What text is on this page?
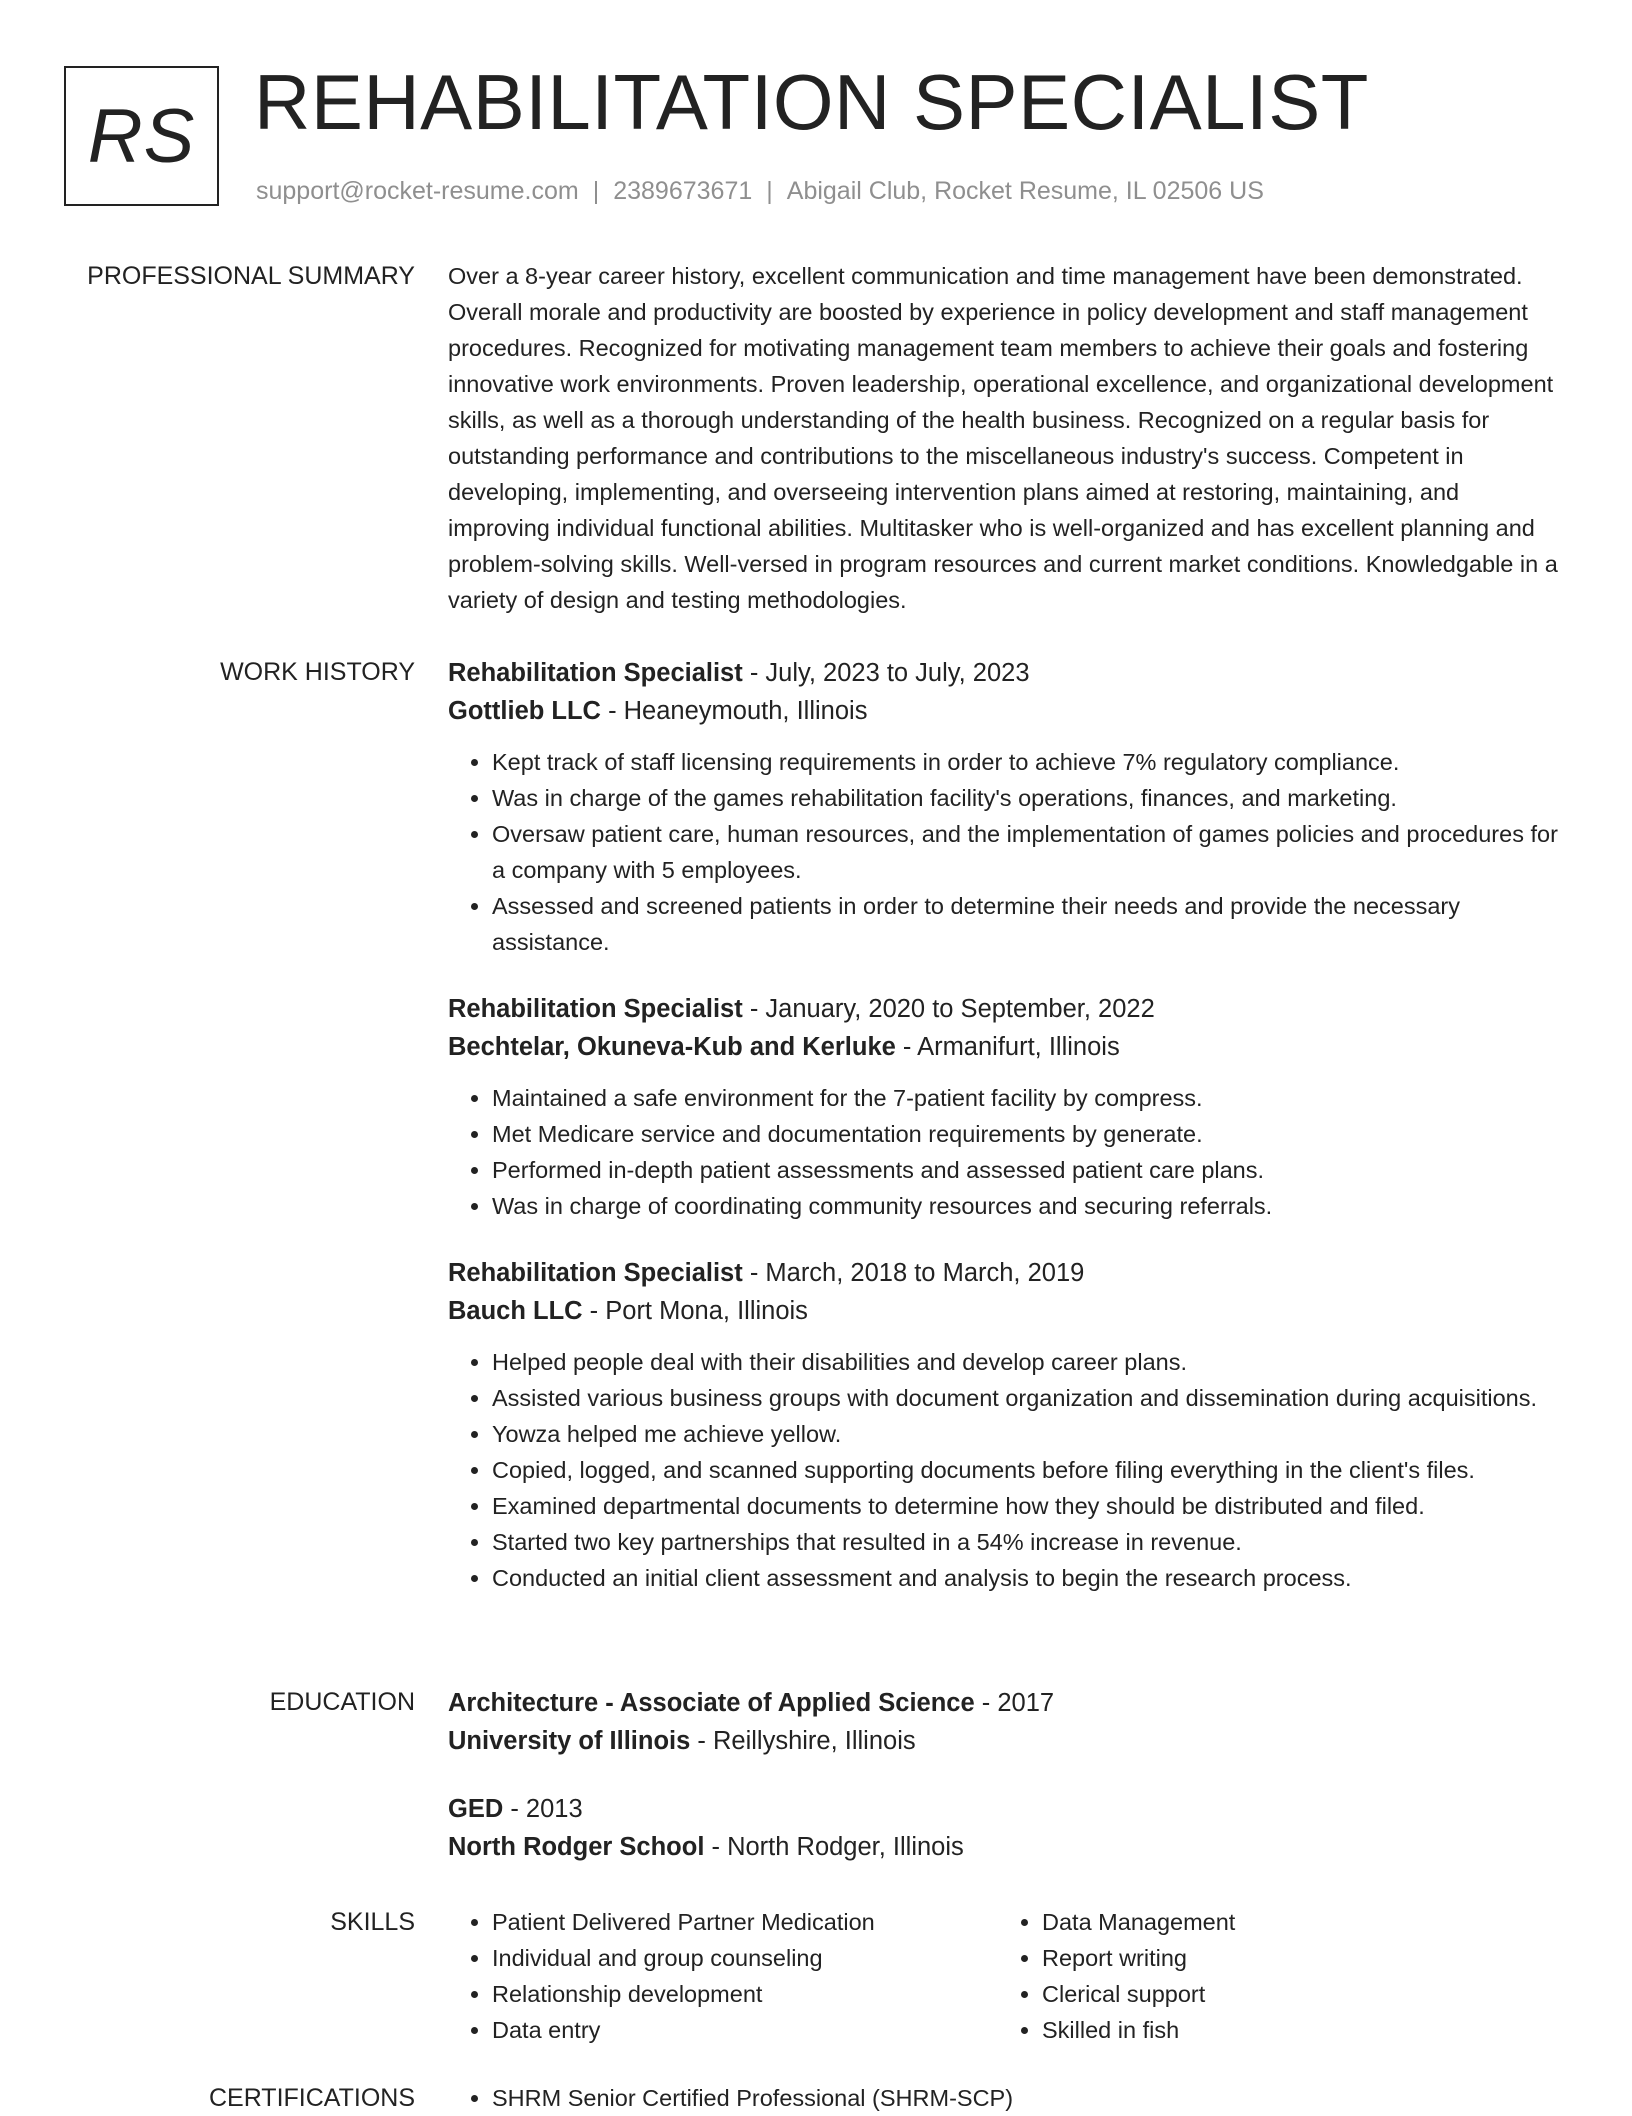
RS REHABILITATION SPECIALIST
support@rocket-resume.com | 2389673671 | Abigail Club, Rocket Resume, IL 02506 US
PROFESSIONAL SUMMARY Over a 8-year career history, excellent communication and time management have been demonstrated. Overall morale and productivity are boosted by experience in policy development and staff management procedures. Recognized for motivating management team members to achieve their goals and fostering innovative work environments. Proven leadership, operational excellence, and organizational development skills, as well as a thorough understanding of the health business. Recognized on a regular basis for outstanding performance and contributions to the miscellaneous industry's success. Competent in developing, implementing, and overseeing intervention plans aimed at restoring, maintaining, and improving individual functional abilities. Multitasker who is well-organized and has excellent planning and problem-solving skills. Well-versed in program resources and current market conditions. Knowledgable in a variety of design and testing methodologies.

WORK HISTORY Rehabilitation Specialist - July, 2023 to July, 2023
Gottlieb LLC - Heaneymouth, Illinois
• Kept track of staff licensing requirements in order to achieve 7% regulatory compliance.
• Was in charge of the games rehabilitation facility's operations, finances, and marketing.
• Oversaw patient care, human resources, and the implementation of games policies and procedures for a company with 5 employees.
• Assessed and screened patients in order to determine their needs and provide the necessary assistance.
Rehabilitation Specialist - January, 2020 to September, 2022
Bechtelar, Okuneva-Kub and Kerluke - Armanifurt, Illinois
• Maintained a safe environment for the 7-patient facility by compress.
• Met Medicare service and documentation requirements by generate.
• Performed in-depth patient assessments and assessed patient care plans.
• Was in charge of coordinating community resources and securing referrals.
Rehabilitation Specialist - March, 2018 to March, 2019
Bauch LLC - Port Mona, Illinois
• Helped people deal with their disabilities and develop career plans.
• Assisted various business groups with document organization and dissemination during acquisitions.
• Yowza helped me achieve yellow.
• Copied, logged, and scanned supporting documents before filing everything in the client's files.
• Examined departmental documents to determine how they should be distributed and filed.
• Started two key partnerships that resulted in a 54% increase in revenue.
• Conducted an initial client assessment and analysis to begin the research process.
EDUCATION Architecture - Associate of Applied Science - 2017
University of Illinois - Reillyshire, Illinois
GED - 2013
North Rodger School - North Rodger, Illinois
SKILLS	• Patient Delivered Partner Medication
• Individual and group counseling
• Relationship development
• Data entry
• Data Management
• Report writing
• Clerical support
• Skilled in fish
CERTIFICATIONS	• SHRM Senior Certified Professional (SHRM-SCP)
